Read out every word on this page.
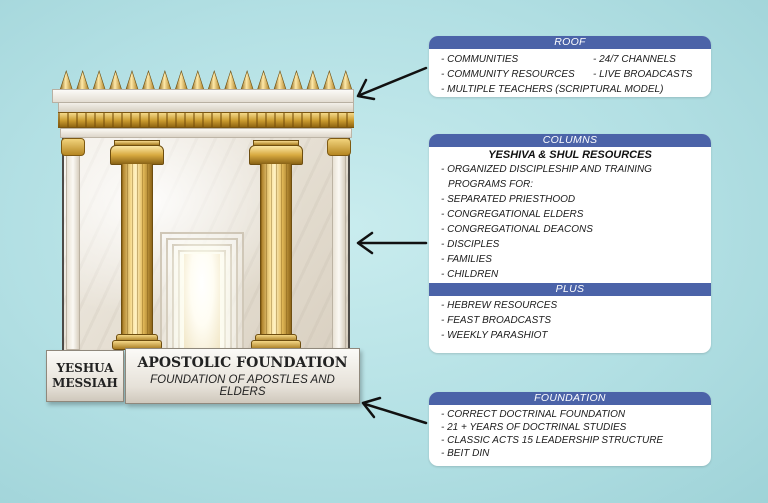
YESHUA
MESSIAH
APOSTOLIC FOUNDATION
FOUNDATION OF APOSTLES AND ELDERS
ROOF
- COMMUNITIES
- COMMUNITY RESOURCES
- 24/7 CHANNELS
- LIVE BROADCASTS
- MULTIPLE TEACHERS (SCRIPTURAL MODEL)
COLUMNS
YESHIVA & SHUL RESOURCES
- ORGANIZED DISCIPLESHIP AND TRAINING
PROGRAMS FOR:
- SEPARATED PRIESTHOOD
- CONGREGATIONAL ELDERS
- CONGREGATIONAL DEACONS
- DISCIPLES
- FAMILIES
- CHILDREN
PLUS
- HEBREW RESOURCES
- FEAST BROADCASTS
- WEEKLY PARASHIOT
FOUNDATION
- CORRECT DOCTRINAL FOUNDATION
- 21 + YEARS OF DOCTRINAL STUDIES
- CLASSIC ACTS 15 LEADERSHIP STRUCTURE
- BEIT DIN
